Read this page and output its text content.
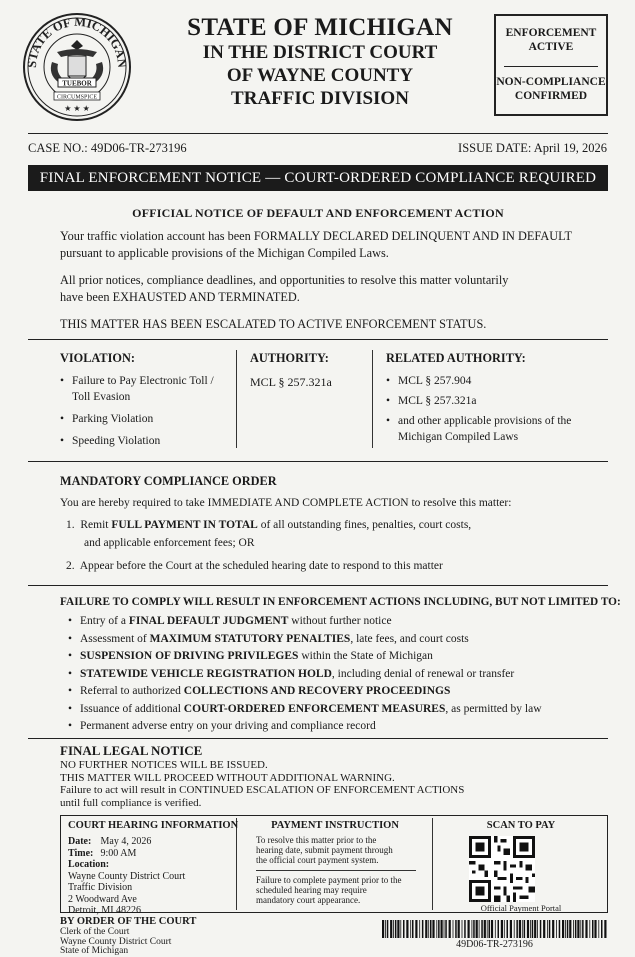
STATE OF MICHIGAN
TUEBOR
CIRCUMSPICE
★ ★ ★
STATE OF MICHIGAN
IN THE DISTRICT COURT
OF WAYNE COUNTY
TRAFFIC DIVISION
ENFORCEMENT
ACTIVE
NON-COMPLIANCE
CONFIRMED
CASE NO.: 49D06-TR-273196	ISSUE DATE: April 19, 2026
FINAL ENFORCEMENT NOTICE — COURT-ORDERED COMPLIANCE REQUIRED
OFFICIAL NOTICE OF DEFAULT AND ENFORCEMENT ACTION
Your traffic violation account has been FORMALLY DECLARED DELINQUENT AND IN DEFAULT
pursuant to applicable provisions of the Michigan Compiled Laws.
All prior notices, compliance deadlines, and opportunities to resolve this matter voluntarily
have been EXHAUSTED AND TERMINATED.
THIS MATTER HAS BEEN ESCALATED TO ACTIVE ENFORCEMENT STATUS.
VIOLATION:
• Failure to Pay Electronic Toll /
Toll Evasion
• Parking Violation
• Speeding Violation
AUTHORITY:
MCL § 257.321a
RELATED AUTHORITY:
• MCL § 257.904
• MCL § 257.321a
• and other applicable provisions of the
Michigan Compiled Laws
MANDATORY COMPLIANCE ORDER
You are hereby required to take IMMEDIATE AND COMPLETE ACTION to resolve this matter:
1. Remit FULL PAYMENT IN TOTAL of all outstanding fines, penalties, court costs,
and applicable enforcement fees; OR
2. Appear before the Court at the scheduled hearing date to respond to this matter
FAILURE TO COMPLY WILL RESULT IN ENFORCEMENT ACTIONS INCLUDING, BUT NOT LIMITED TO:
• Entry of a FINAL DEFAULT JUDGMENT without further notice
• Assessment of MAXIMUM STATUTORY PENALTIES, late fees, and court costs
• SUSPENSION OF DRIVING PRIVILEGES within the State of Michigan
• STATEWIDE VEHICLE REGISTRATION HOLD, including denial of renewal or transfer
• Referral to authorized COLLECTIONS AND RECOVERY PROCEEDINGS
• Issuance of additional COURT-ORDERED ENFORCEMENT MEASURES, as permitted by law
• Permanent adverse entry on your driving and compliance record
FINAL LEGAL NOTICE
NO FURTHER NOTICES WILL BE ISSUED.
THIS MATTER WILL PROCEED WITHOUT ADDITIONAL WARNING.
Failure to act will result in CONTINUED ESCALATION OF ENFORCEMENT ACTIONS
until full compliance is verified.
COURT HEARING INFORMATION
Date: May 4, 2026
Time: 9:00 AM
Location:
Wayne County District Court
Traffic Division
2 Woodward Ave
Detroit, MI 48226
PAYMENT INSTRUCTION
To resolve this matter prior to the
hearing date, submit payment through
the official court payment system.
Failure to complete payment prior to the
scheduled hearing may require
mandatory court appearance.
SCAN TO PAY
Official Payment Portal
BY ORDER OF THE COURT
Clerk of the Court
Wayne County District Court
State of Michigan
49D06-TR-273196
